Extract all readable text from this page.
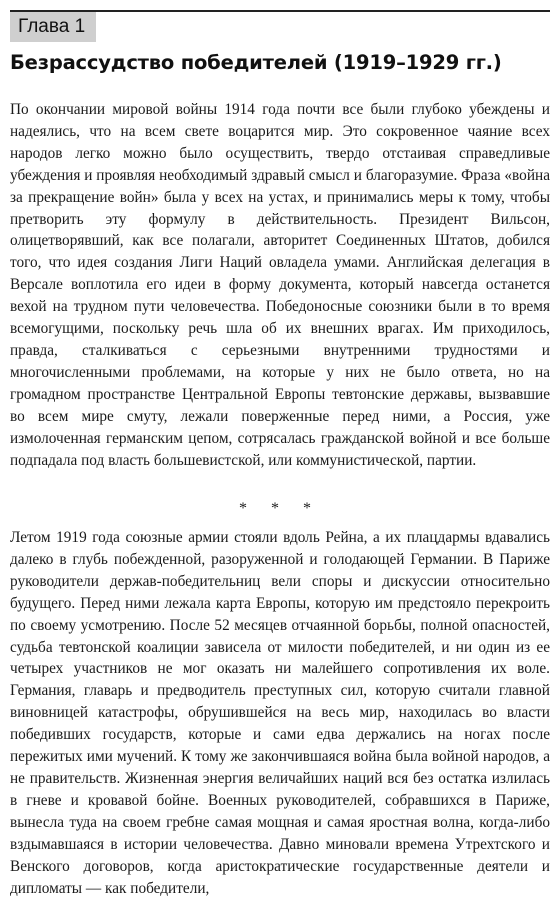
Глава 1
Безрассудство победителей (1919–1929 гг.)
По окончании мировой войны 1914 года почти все были глубоко убеждены и надеялись, что на всем свете воцарится мир. Это сокровенное чаяние всех народов легко можно было осуществить, твердо отстаивая справедливые убеждения и проявляя необходимый здравый смысл и благоразумие. Фраза «война за прекращение войн» была у всех на устах, и принимались меры к тому, чтобы претворить эту формулу в действительность. Президент Вильсон, олицетворявший, как все полагали, авторитет Соединенных Штатов, добился того, что идея создания Лиги Наций овладела умами. Английская делегация в Версале воплотила его идеи в форму документа, который навсегда останется вехой на трудном пути человечества. Победоносные союзники были в то время всемогущими, поскольку речь шла об их внешних врагах. Им приходилось, правда, сталкиваться с серьезными внутренними трудностями и многочисленными проблемами, на которые у них не было ответа, но на громадном пространстве Центральной Европы тевтонские державы, вызвавшие во всем мире смуту, лежали поверженные перед ними, а Россия, уже измолоченная германским цепом, сотрясалась гражданской войной и все больше подпадала под власть большевистской, или коммунистической, партии.
* * *
Летом 1919 года союзные армии стояли вдоль Рейна, а их плацдармы вдавались далеко в глубь побежденной, разоруженной и голодающей Германии. В Париже руководители держав-победительниц вели споры и дискуссии относительно будущего. Перед ними лежала карта Европы, которую им предстояло перекроить по своему усмотрению. После 52 месяцев отчаянной борьбы, полной опасностей, судьба тевтонской коалиции зависела от милости победителей, и ни один из ее четырех участников не мог оказать ни малейшего сопротивления их воле. Германия, главарь и предводитель преступных сил, которую считали главной виновницей катастрофы, обрушившейся на весь мир, находилась во власти победивших государств, которые и сами едва держались на ногах после пережитых ими мучений. К тому же закончившаяся война была войной народов, а не правительств. Жизненная энергия величайших наций вся без остатка излилась в гневе и кровавой бойне. Военных руководителей, собравшихся в Париже, вынесла туда на своем гребне самая мощная и самая яростная волна, когда-либо вздымавшаяся в истории человечества. Давно миновали времена Утрехтского и Венского договоров, когда аристократические государственные деятели и дипломаты — как победители,
